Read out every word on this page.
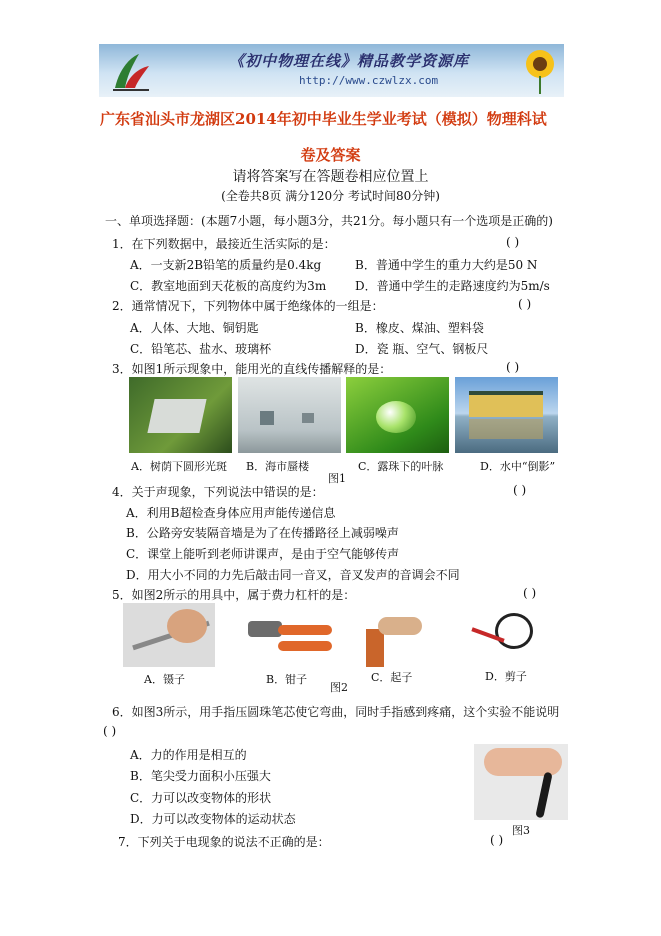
《初中物理在线》精品教学资源库
http://www.czwlzx.com
广东省汕头市龙湖区2014年初中毕业生学业考试（模拟）物理科试
卷及答案
请将答案写在答题卷相应位置上
(全卷共8页 满分120分 考试时间80分钟)
一、单项选择题：(本题7小题，每小题3分，共21分。每小题只有一个选项是正确的)
1．在下列数据中，最接近生活实际的是：	( )
A．一支新2B铅笔的质量约是0.4kg	B．普通中学生的重力大约是50 N
C．教室地面到天花板的高度约为3m D．普通中学生的走路速度约为5m/s
2．通常情况下，下列物体中属于绝缘体的一组是：	( )
A．人体、大地、铜钥匙	B．橡皮、煤油、塑料袋
C．铅笔芯、盐水、玻璃杯	D．瓷 瓶、空气、钢板尺
3．如图1所示现象中，能用光的直线传播解释的是：	( )
A．树荫下圆形光斑 B．海市蜃楼	C．露珠下的叶脉	D．水中“倒影”
图1
4．关于声现象，下列说法中错误的是：	( )
A．利用B超检查身体应用声能传递信息
B．公路旁安装隔音墙是为了在传播路径上减弱噪声
C．课堂上能听到老师讲课声，是由于空气能够传声
D．用大小不同的力先后敲击同一音叉，音叉发声的音调会不同
5．如图2所示的用具中，属于费力杠杆的是：	( )
A．镊子	B．钳子	C．起子	D．剪子
图2
6．如图3所示，用手指压圆珠笔芯使它弯曲，同时手指感到疼痛，这个实验不能说明
( )
A．力的作用是相互的
B．笔尖受力面积小压强大
C．力可以改变物体的形状
D．力可以改变物体的运动状态
图3
7．下列关于电现象的说法不正确的是：	( )
